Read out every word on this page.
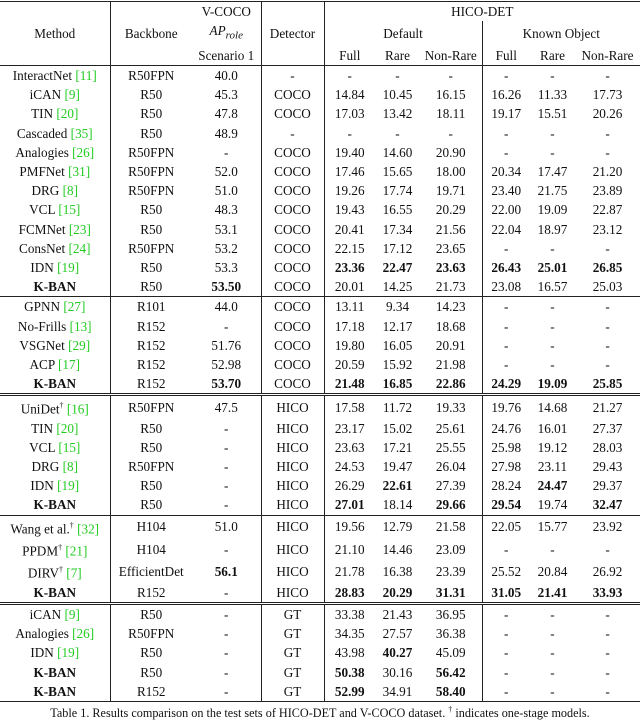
Method	Backbone	V-COCO	Detector	HICO-DET					
		$AP_{role}$		Default			Known Object		
		Scenario 1		Full	Rare	Non-Rare	Full	Rare	Non-Rare
InteractNet [11]	R50FPN	40.0	-	-	-	-	-	-	-
iCAN [9]	R50	45.3	COCO	14.84	10.45	16.15	16.26	11.33	17.73
TIN [20]	R50	47.8	COCO	17.03	13.42	18.11	19.17	15.51	20.26
Cascaded [35]	R50	48.9	-	-	-	-	-	-	-
Analogies [26]	R50FPN	-	COCO	19.40	14.60	20.90	-	-	-
PMFNet [31]	R50FPN	52.0	COCO	17.46	15.65	18.00	20.34	17.47	21.20
DRG [8]	R50FPN	51.0	COCO	19.26	17.74	19.71	23.40	21.75	23.89
VCL [15]	R50	48.3	COCO	19.43	16.55	20.29	22.00	19.09	22.87
FCMNet [23]	R50	53.1	COCO	20.41	17.34	21.56	22.04	18.97	23.12
ConsNet [24]	R50FPN	53.2	COCO	22.15	17.12	23.65	-	-	-
IDN [19]	R50	53.3	COCO	23.36	22.47	23.63	26.43	25.01	26.85
K-BAN	R50	53.50	COCO	20.01	14.25	21.73	23.08	16.57	25.03
GPNN [27]	R101	44.0	COCO	13.11	9.34	14.23	-	-	-
No-Frills [13]	R152	-	COCO	17.18	12.17	18.68	-	-	-
VSGNet [29]	R152	51.76	COCO	19.80	16.05	20.91	-	-	-
ACP [17]	R152	52.98	COCO	20.59	15.92	21.98	-	-	-
K-BAN	R152	53.70	COCO	21.48	16.85	22.86	24.29	19.09	25.85
UniDet† [16]	R50FPN	47.5	HICO	17.58	11.72	19.33	19.76	14.68	21.27
TIN [20]	R50	-	HICO	23.17	15.02	25.61	24.76	16.01	27.37
VCL [15]	R50	-	HICO	23.63	17.21	25.55	25.98	19.12	28.03
DRG [8]	R50FPN	-	HICO	24.53	19.47	26.04	27.98	23.11	29.43
IDN [19]	R50	-	HICO	26.29	22.61	27.39	28.24	24.47	29.37
K-BAN	R50	-	HICO	27.01	18.14	29.66	29.54	19.74	32.47
Wang et al.† [32]	H104	51.0	HICO	19.56	12.79	21.58	22.05	15.77	23.92
PPDM† [21]	H104	-	HICO	21.10	14.46	23.09	-	-	-
DIRV† [7]	EfficientDet	56.1	HICO	21.78	16.38	23.39	25.52	20.84	26.92
K-BAN	R152	-	HICO	28.83	20.29	31.31	31.05	21.41	33.93
iCAN [9]	R50	-	GT	33.38	21.43	36.95	-	-	-
Analogies [26]	R50FPN	-	GT	34.35	27.57	36.38	-	-	-
IDN [19]	R50	-	GT	43.98	40.27	45.09	-	-	-
K-BAN	R50	-	GT	50.38	30.16	56.42	-	-	-
K-BAN	R152	-	GT	52.99	34.91	58.40	-	-	-
Table 1. Results comparison on the test sets of HICO-DET and V-COCO dataset. † indicates one-stage models.
